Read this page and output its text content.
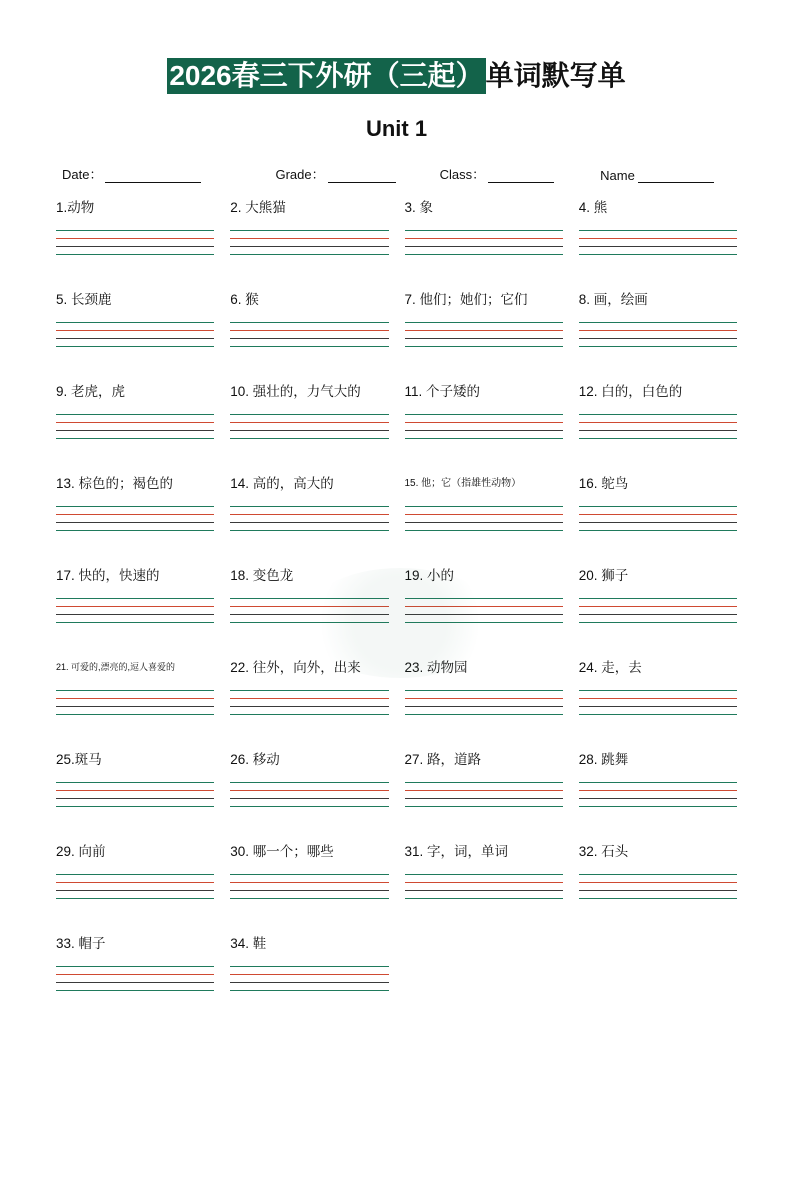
2026春三下外研（三起）单词默写单
Unit 1
Date：	Grade：	Class：	Name
1.动物	2. 大熊猫	3. 象	4. 熊
5. 长颈鹿	6. 猴	7. 他们；她们；它们	8. 画，绘画
9. 老虎，虎	10. 强壮的，力气大的	11. 个子矮的	12. 白的，白色的
13. 棕色的；褐色的	14. 高的，高大的	15. 他；它（指雄性动物）	16. 鸵鸟
17. 快的，快速的	18. 变色龙	19. 小的	20. 狮子
21. 可爱的,漂亮的,逗人喜爱的	22. 往外，向外，出来	23. 动物园	24. 走，去
25.斑马	26. 移动	27. 路，道路	28. 跳舞
29. 向前	30. 哪一个；哪些	31. 字，词，单词	32. 石头
33. 帽子	34. 鞋
